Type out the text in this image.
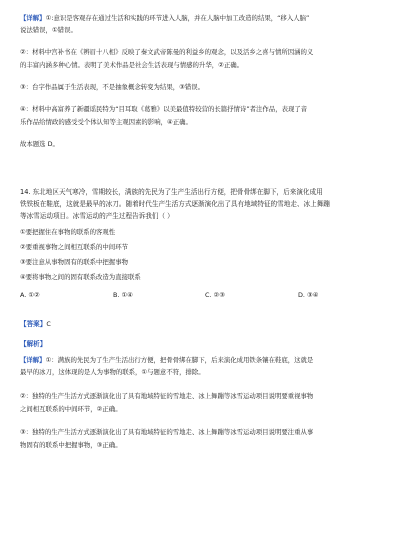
【详解】①:意识是客观存在通过生活和实践的环节进入人脑，并在人脑中加工改造的结果，“移入人脑”
说法错误，①错误。
②：材料中宫补书在《辨眉十八相》反映了秦文武帝陈曼的利益乡的观念，以及活乡之喜与情所因涵的义
的丰富内涵多种心情。表明了美术作品是社会生活表现与情感的升华，②正确。
③：台字作品属于生活表现，不是抽象概念转变为结果，③错误。
④：材料中高富养了新疆谣民特为“目耳取《葛雅》以美最值特较营的长篇抒情诗”者注作品，表现了音
乐作品给情政的感受受个体认知等主观因素的影响，④正确。
故本题选 D。
14. 东北地区天气寒冷，雪期较长，满族的先民为了生产生活出行方便，把骨骨绑在脚下，后来演化成用
铁铁板在鞋底，这就是最早的冰刀。随着时代生产生活方式逐渐演化出了具有地域特征的雪地走、冰上舞蹦
等冰雪运动项目。冰雪运动的产生过程告诉我们（ ）
①要把握住在事物的联系的客观性
②要重视事物之间相互联系的中间环节
③要注意从事物固有的联系中把握事物
④要将事物之间的固有联系改造为直接联系
A. ①②	B. ①④	C. ②③	D. ③④
【答案】C
【解析】
【详解】①：满族的先民为了生产生活出行方便，把骨骨绑在脚下，后来演化成用铁条镶在鞋底，这就是
最早的冰刀，这体现的是人为事物的联系，①与题意不符，排除。
②：独特的生产生活方式逐渐演化出了具有地域特征的雪地走、冰上舞蹦等冰雪运动项目说明要重视事物
之间相互联系的中间环节，②正确。
③：独特的生产生活方式逐渐演化出了具有地域特征的雪地走、冰上舞蹦等冰雪运动项目说明要注重从事
物固有的联系中把握事物，③正确。
